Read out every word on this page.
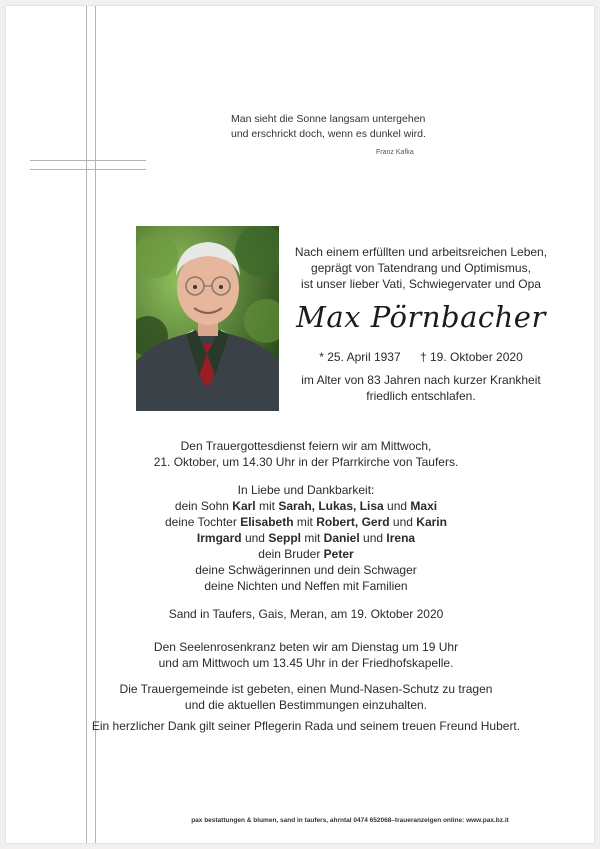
Man sieht die Sonne langsam untergehen
und erschrickt doch, wenn es dunkel wird.
Franz Kafka
Nach einem erfüllten und arbeitsreichen Leben,
geprägt von Tatendrang und Optimismus,
ist unser lieber Vati, Schwiegervater und Opa
Max Pörnbacher
* 25. April 1937 † 19. Oktober 2020
im Alter von 83 Jahren nach kurzer Krankheit
friedlich entschlafen.
Den Trauergottesdienst feiern wir am Mittwoch,
21. Oktober, um 14.30 Uhr in der Pfarrkirche von Taufers.
In Liebe und Dankbarkeit:
dein Sohn Karl mit Sarah, Lukas, Lisa und Maxi
deine Tochter Elisabeth mit Robert, Gerd und Karin
Irmgard und Seppl mit Daniel und Irena
dein Bruder Peter
deine Schwägerinnen und dein Schwager
deine Nichten und Neffen mit Familien
Sand in Taufers, Gais, Meran, am 19. Oktober 2020
Den Seelenrosenkranz beten wir am Dienstag um 19 Uhr
und am Mittwoch um 13.45 Uhr in der Friedhofskapelle.
Die Trauergemeinde ist gebeten, einen Mund-Nasen-Schutz zu tragen
und die aktuellen Bestimmungen einzuhalten.
Ein herzlicher Dank gilt seiner Pflegerin Rada und seinem treuen Freund Hubert.
pax bestattungen & blumen, sand in taufers, ahrntal 0474 652068–traueranzeigen online: www.pax.bz.it
